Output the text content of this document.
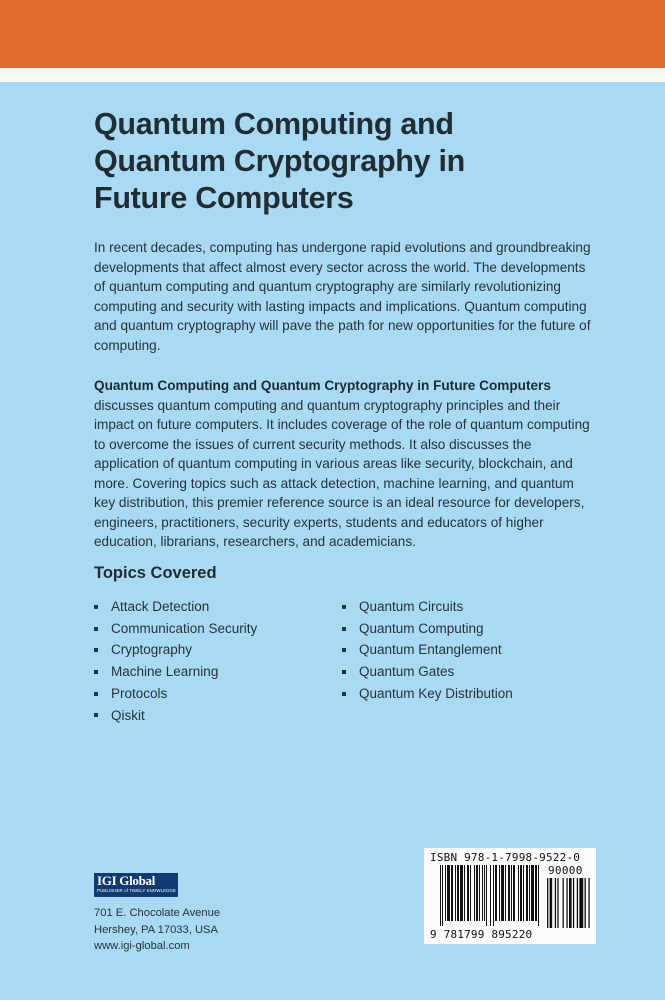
Quantum Computing and
Quantum Cryptography in
Future Computers

In recent decades, computing has undergone rapid evolutions and groundbreaking developments that affect almost every sector across the world. The developments of quantum computing and quantum cryptography are similarly revolutionizing computing and security with lasting impacts and implications. Quantum computing and quantum cryptography will pave the path for new opportunities for the future of computing.

Quantum Computing and Quantum Cryptography in Future Computers
discusses quantum computing and quantum cryptography principles and their impact on future computers. It includes coverage of the role of quantum computing to overcome the issues of current security methods. It also discusses the application of quantum computing in various areas like security, blockchain, and more. Covering topics such as attack detection, machine learning, and quantum key distribution, this premier reference source is an ideal resource for developers, engineers, practitioners, security experts, students and educators of higher education, librarians, researchers, and academicians.

Topics Covered
Attack Detection
Communication Security
Cryptography
Machine Learning
Protocols
Qiskit
Quantum Circuits
Quantum Computing
Quantum Entanglement
Quantum Gates
Quantum Key Distribution
IGI Global
PUBLISHER of TIMELY KNOWLEDGE
701 E. Chocolate Avenue
Hershey, PA 17033, USA
www.igi-global.com
ISBN 978-1-7998-9522-0
90000
9 781799 895220
